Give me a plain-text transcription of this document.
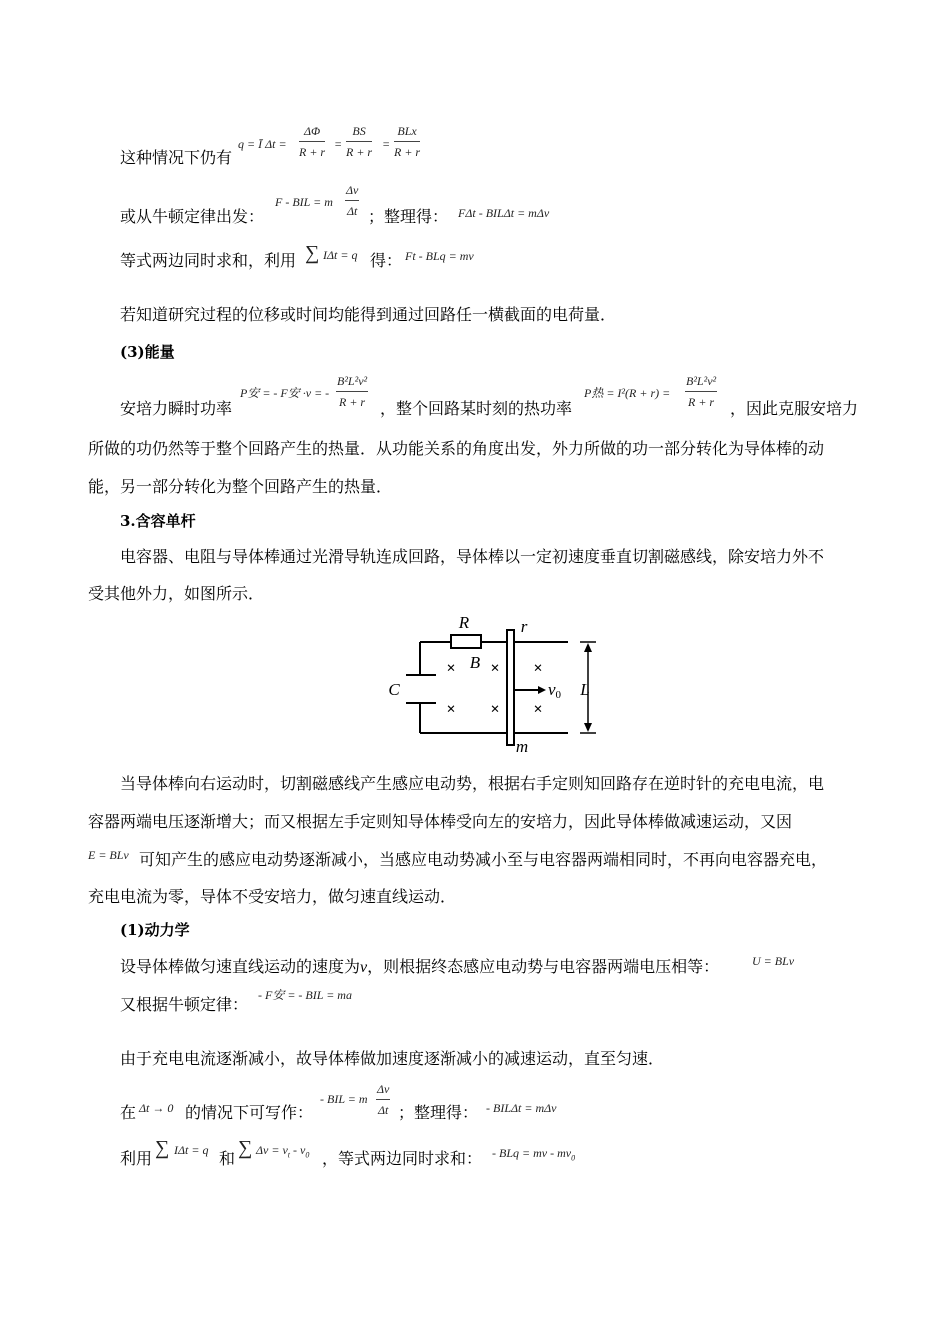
这种情况下仍有
q = Ī $\Delta t = \frac{\Delta\Phi}{R + r} = \frac{BS}{R + r}$ =
BLx
R + r
或从牛顿定律出发：
F - BIL = m $\frac{\Delta v}{\Delta t}$ ；整理得： FΔt - BILΔt = mΔv
等式两边同时求和，利用 ∑ IΔt = q 得： Ft - BLq = mv
若知道研究过程的位移或时间均能得到通过回路任一横截面的电荷量．
(3)能量
安培力瞬时功率
P安 = - F安 ·v = - $\frac{\text{B²L²v²}}{R + r}$ ，整个回路某时刻的热功率
P热 = $I^2(R + r) = \frac{\text{B²L²v²}}{R + r}$ ，因此克服安培力
所做的功仍然等于整个回路产生的热量．从功能关系的角度出发，外力所做的功一部分转化为导体棒的动
能，另一部分转化为整个回路产生的热量．
3.含容单杆
电容器、电阻与导体棒通过光滑导轨连成回路，导体棒以一定初速度垂直切割磁感线，除安培力外不
受其他外力，如图所示．
× × ×
× × ×
R	r
B
C	v0 L
m
当导体棒向右运动时，切割磁感线产生感应电动势，根据右手定则知回路存在逆时针的充电电流，电
容器两端电压逐渐增大；而又根据左手定则知导体棒受向左的安培力，因此导体棒做减速运动，又因
E = BLv 可知产生的感应电动势逐渐减小，当感应电动势减小至与电容器两端相同时，不再向电容器充电，
充电电流为零，导体不受安培力，做匀速直线运动．
(1)动力学
设导体棒做匀速直线运动的速度为v，则根据终态感应电动势与电容器两端电压相等：	U = BLv
又根据牛顿定律： - F安 = - BIL = ma
由于充电电流逐渐减小，故导体棒做加速度逐渐减小的减速运动，直至匀速．
在 Δt → 0 的情况下可写作：
- BIL = m $\frac{\Delta v}{\Delta t}$ ；整理得： - BILΔt = mΔv
利用 ∑ IΔt = q 和 ∑ $\Delta v = v_t - v_0$ ，等式两边同时求和： - BLq = mv - $mv_0$
